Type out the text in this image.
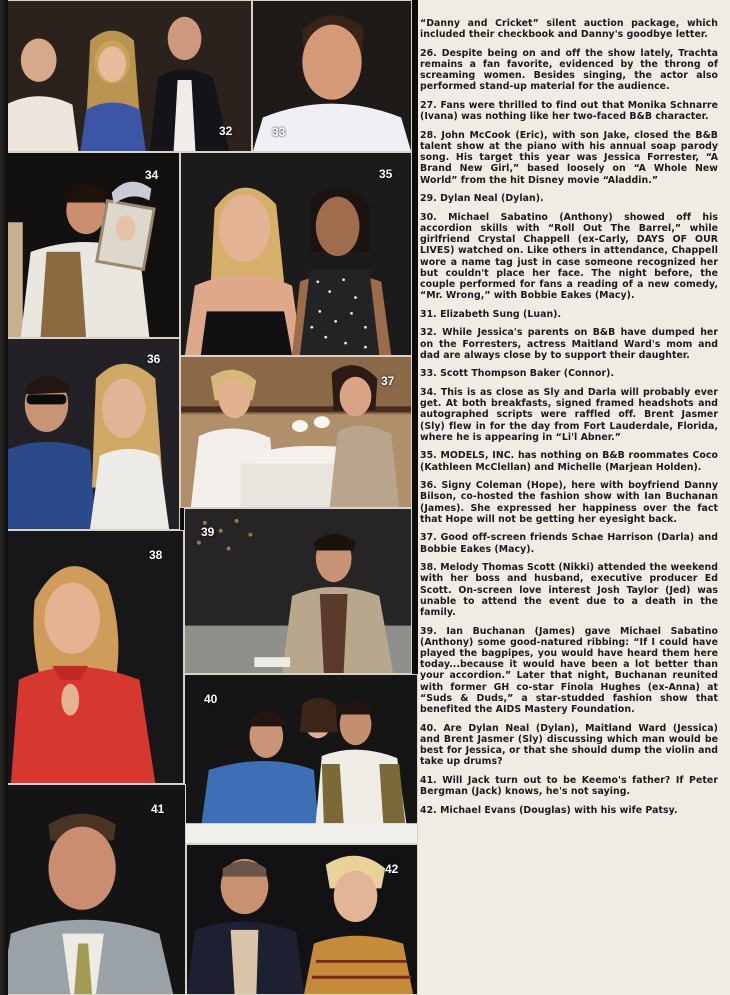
32	33
34	35
36
37
38
39
40
41
42

“Danny and Cricket” silent auction package, which included their checkbook and Danny's goodbye letter.

26. Despite being on and off the show lately, Trachta remains a fan favorite, evidenced by the throng of screaming women. Besides singing, the actor also performed stand-up material for the audience.

27. Fans were thrilled to find out that Monika Schnarre (Ivana) was nothing like her two-faced B&B character.

28. John McCook (Eric), with son Jake, closed the B&B talent show at the piano with his annual soap parody song. His target this year was Jessica Forrester, “A Brand New Girl,” based loosely on “A Whole New World” from the hit Disney movie “Aladdin.”

29. Dylan Neal (Dylan).

30. Michael Sabatino (Anthony) showed off his accordion skills with “Roll Out The Barrel,” while girlfriend Crystal Chappell (ex-Carly, DAYS OF OUR LIVES) watched on. Like others in attendance, Chappell wore a name tag just in case someone recognized her but couldn't place her face. The night before, the couple performed for fans a reading of a new comedy, “Mr. Wrong,” with Bobbie Eakes (Macy).

31. Elizabeth Sung (Luan).

32. While Jessica's parents on B&B have dumped her on the Forresters, actress Maitland Ward's mom and dad are always close by to support their daughter.

33. Scott Thompson Baker (Connor).

34. This is as close as Sly and Darla will probably ever get. At both breakfasts, signed framed headshots and autographed scripts were raffled off. Brent Jasmer (Sly) flew in for the day from Fort Lauderdale, Florida, where he is appearing in “Li'l Abner.”

35. MODELS, INC. has nothing on B&B roommates Coco (Kathleen McClellan) and Michelle (Marjean Holden).

36. Signy Coleman (Hope), here with boyfriend Danny Bilson, co-hosted the fashion show with Ian Buchanan (James). She expressed her happiness over the fact that Hope will not be getting her eyesight back.

37. Good off-screen friends Schae Harrison (Darla) and Bobbie Eakes (Macy).

38. Melody Thomas Scott (Nikki) attended the weekend with her boss and husband, executive producer Ed Scott. On-screen love interest Josh Taylor (Jed) was unable to attend the event due to a death in the family.

39. Ian Buchanan (James) gave Michael Sabatino (Anthony) some good-natured ribbing: “If I could have played the bagpipes, you would have heard them here today...because it would have been a lot better than your accordion.” Later that night, Buchanan reunited with former GH co-star Finola Hughes (ex-Anna) at “Suds & Duds,” a star-studded fashion show that benefited the AIDS Mastery Foundation.

40. Are Dylan Neal (Dylan), Maitland Ward (Jessica) and Brent Jasmer (Sly) discussing which man would be best for Jessica, or that she should dump the violin and take up drums?

41. Will Jack turn out to be Keemo's father? If Peter Bergman (Jack) knows, he's not saying.

42. Michael Evans (Douglas) with his wife Patsy.
